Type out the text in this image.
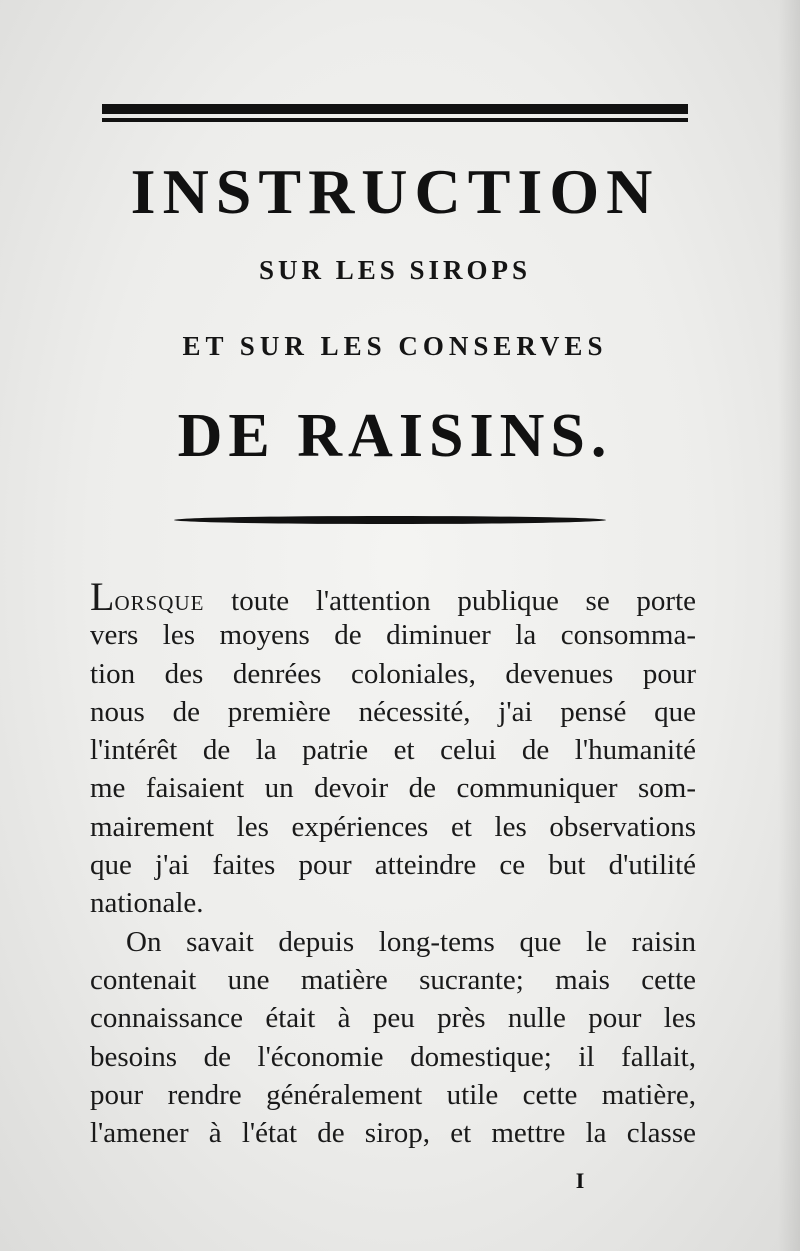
INSTRUCTION
SUR LES SIROPS
ET SUR LES CONSERVES
DE RAISINS.
LORSQUE toute l'attention publique se porte
vers les moyens de diminuer la consomma-
tion des denrées coloniales, devenues pour
nous de première nécessité, j'ai pensé que
l'intérêt de la patrie et celui de l'humanité
me faisaient un devoir de communiquer som-
mairement les expériences et les observations
que j'ai faites pour atteindre ce but d'utilité
nationale.
On savait depuis long-tems que le raisin
contenait une matière sucrante; mais cette
connaissance était à peu près nulle pour les
besoins de l'économie domestique; il fallait,
pour rendre généralement utile cette matière,
l'amener à l'état de sirop, et mettre la classe
I
